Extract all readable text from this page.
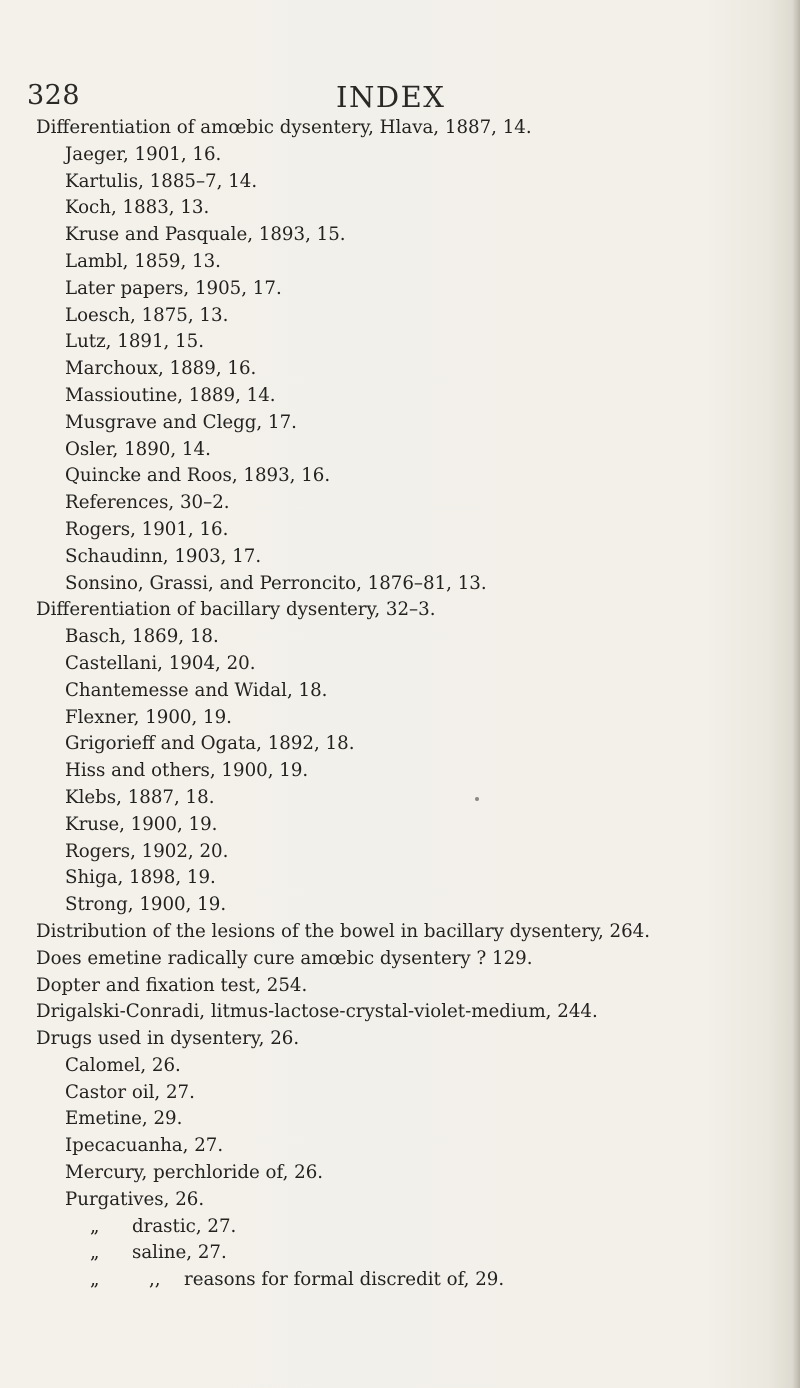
328	INDEX
Differentiation of amœbic dysentery, Hlava, 1887, 14.
Jaeger, 1901, 16.
Kartulis, 1885–7, 14.
Koch, 1883, 13.
Kruse and Pasquale, 1893, 15.
Lambl, 1859, 13.
Later papers, 1905, 17.
Loesch, 1875, 13.
Lutz, 1891, 15.
Marchoux, 1889, 16.
Massioutine, 1889, 14.
Musgrave and Clegg, 17.
Osler, 1890, 14.
Quincke and Roos, 1893, 16.
References, 30–2.
Rogers, 1901, 16.
Schaudinn, 1903, 17.
Sonsino, Grassi, and Perroncito, 1876–81, 13.
Differentiation of bacillary dysentery, 32–3.
Basch, 1869, 18.
Castellani, 1904, 20.
Chantemesse and Widal, 18.
Flexner, 1900, 19.
Grigorieff and Ogata, 1892, 18.
Hiss and others, 1900, 19.
Klebs, 1887, 18.
Kruse, 1900, 19.
Rogers, 1902, 20.
Shiga, 1898, 19.
Strong, 1900, 19.
Distribution of the lesions of the bowel in bacillary dysentery, 264.
Does emetine radically cure amœbic dysentery ? 129.
Dopter and fixation test, 254.
Drigalski-Conradi, litmus-lactose-crystal-violet-medium, 244.
Drugs used in dysentery, 26.
Calomel, 26.
Castor oil, 27.
Emetine, 29.
Ipecacuanha, 27.
Mercury, perchloride of, 26.
Purgatives, 26.
„ drastic, 27.
„ saline, 27.
„	,, reasons for formal discredit of, 29.
